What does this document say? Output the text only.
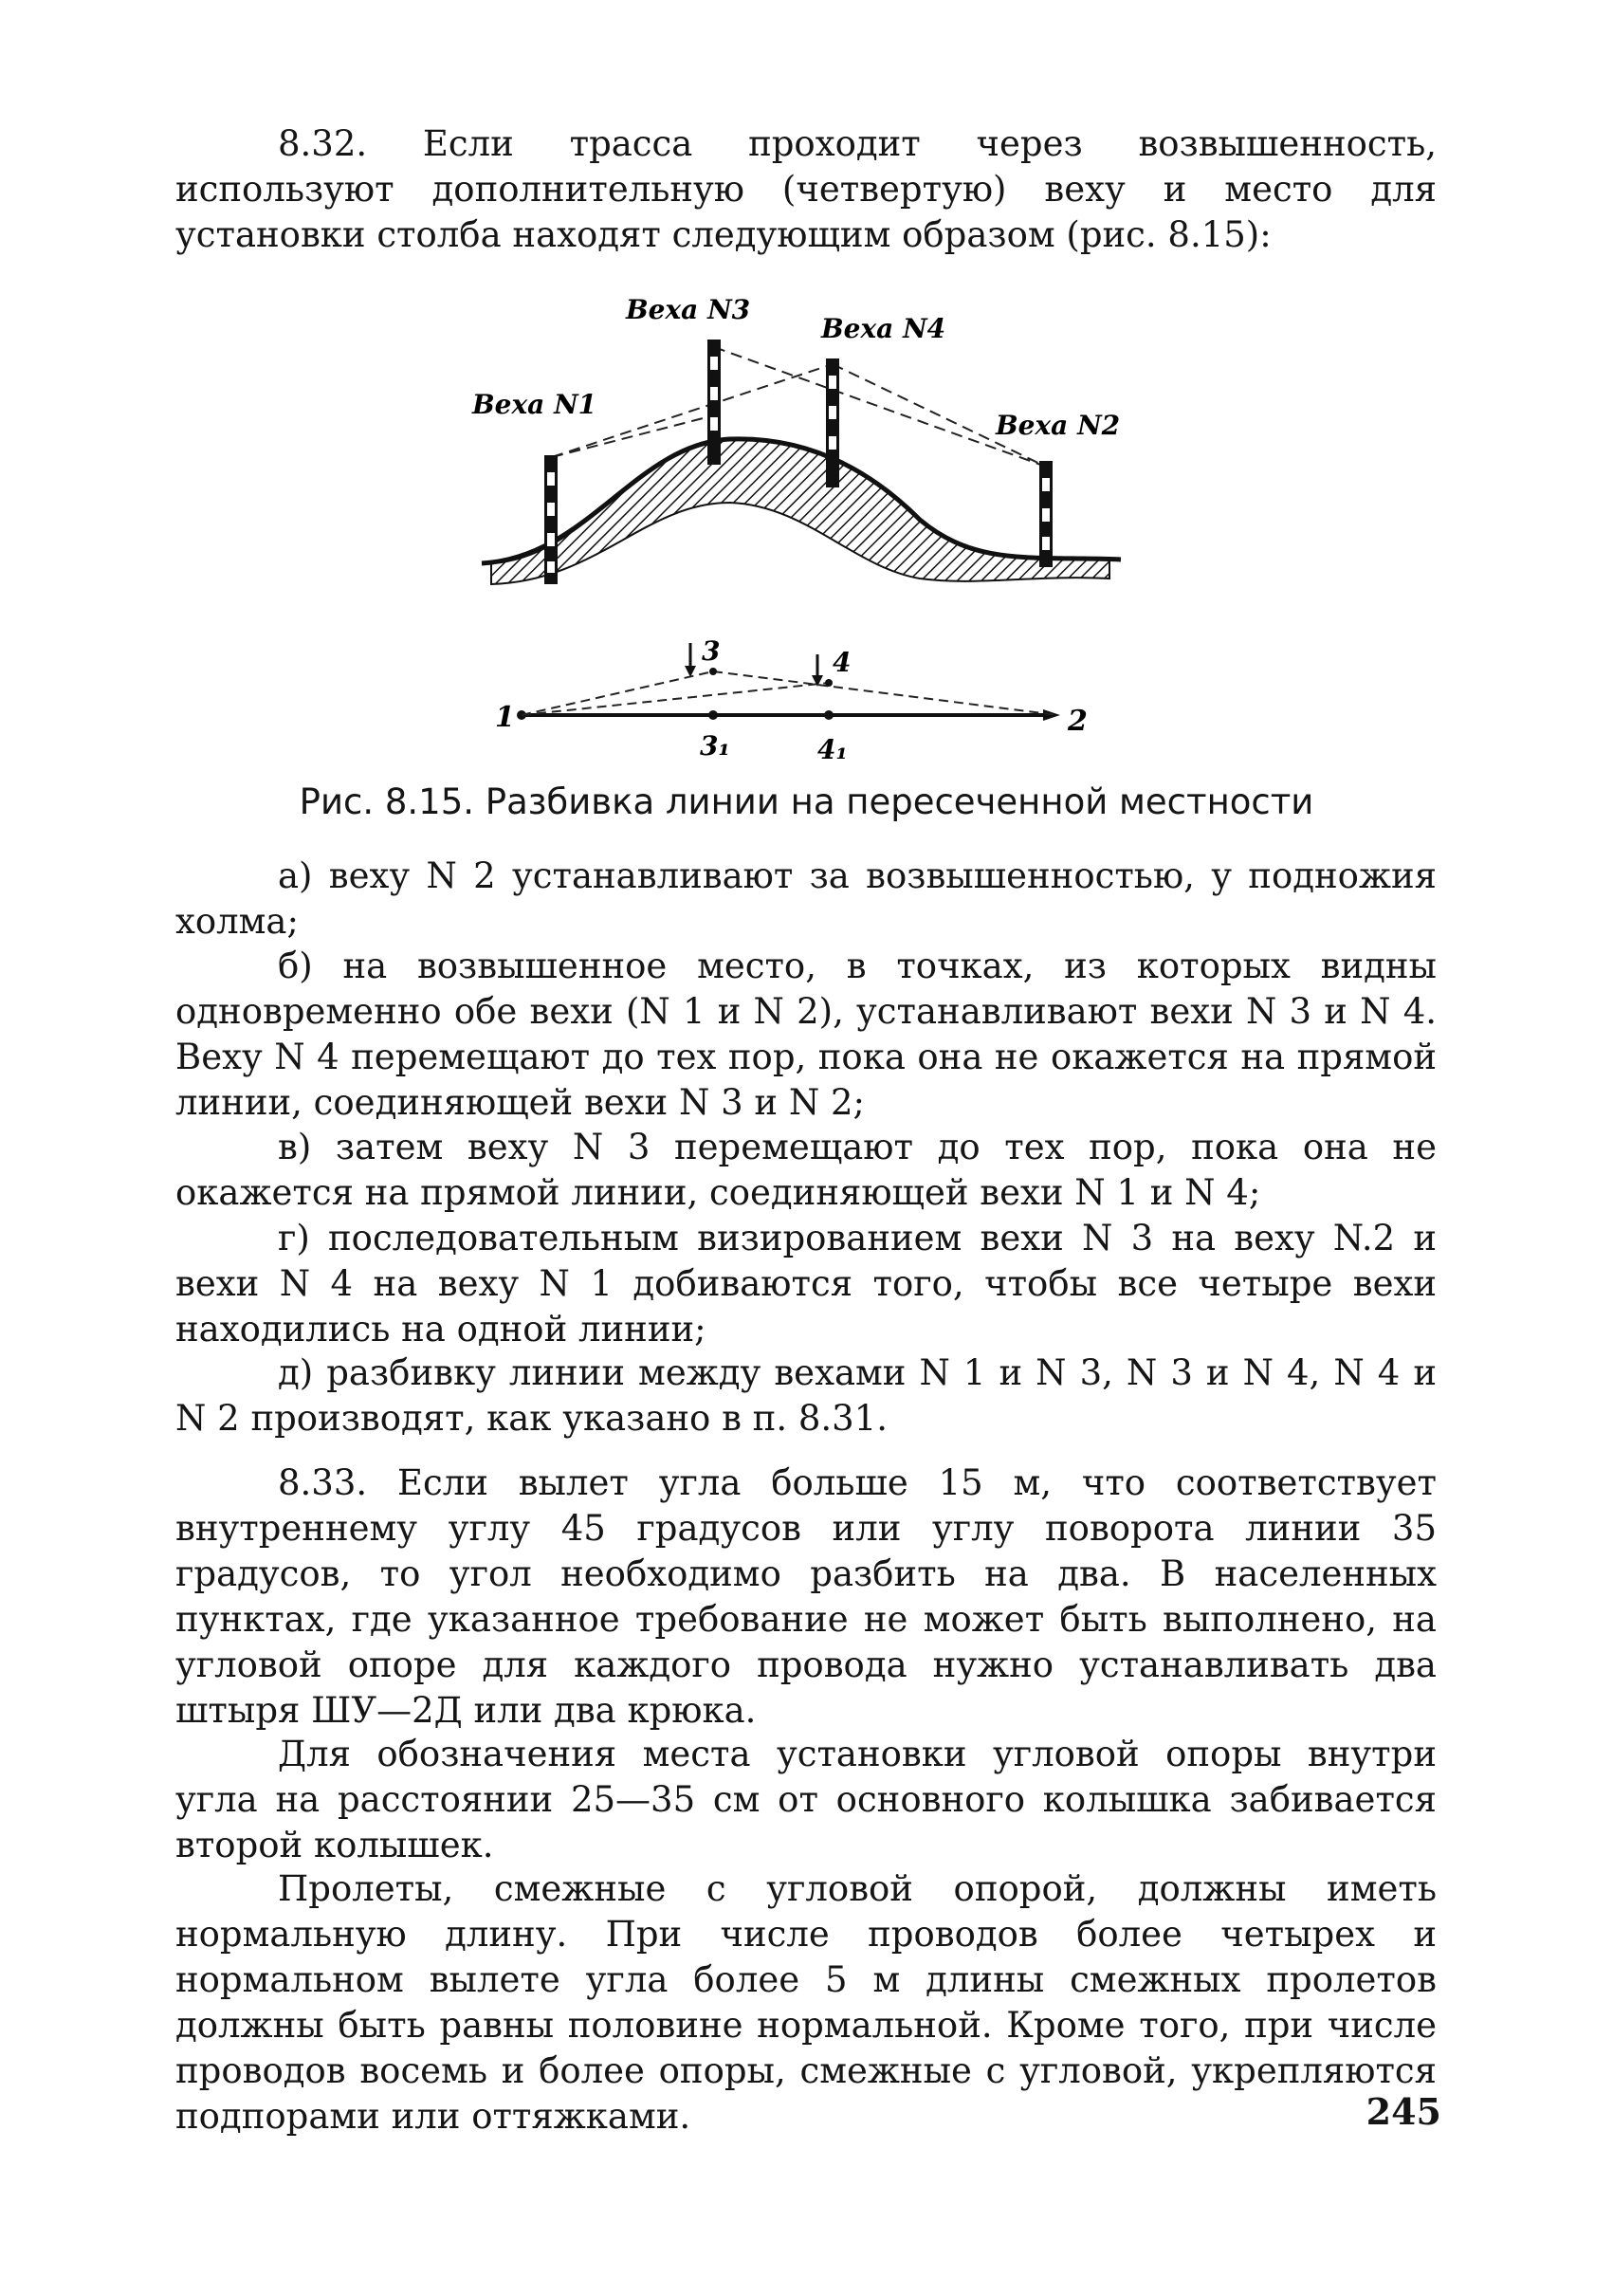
8.32. Если трасса проходит через возвышенность, используют дополнительную (четвертую) веху и место для установки столба находят следующим образом (рис. 8.15):

Веха N1
Веха N3
Веха N4
Веха N2
1	2
3	4
3₁	4₁

Рис. 8.15. Разбивка линии на пересеченной местности

а) веху N 2 устанавливают за возвышенностью, у подножия холма;

б) на возвышенное место, в точках, из которых видны одновременно обе вехи (N 1 и N 2), устанавливают вехи N 3 и N 4. Веху N 4 перемещают до тех пор, пока она не окажется на прямой линии, соединяющей вехи N 3 и N 2;

в) затем веху N 3 перемещают до тех пор, пока она не окажется на прямой линии, соединяющей вехи N 1 и N 4;

г) последовательным визированием вехи N 3 на веху N.2 и вехи N 4 на веху N 1 добиваются того, чтобы все четыре вехи находились на одной линии;

д) разбивку линии между вехами N 1 и N 3, N 3 и N 4, N 4 и N 2 производят, как указано в п. 8.31.

8.33. Если вылет угла больше 15 м, что соответствует внутреннему углу 45 градусов или углу поворота линии 35 градусов, то угол необходимо разбить на два. В населенных пунктах, где указанное требование не может быть выполнено, на угловой опоре для каждого провода нужно устанавливать два штыря ШУ—2Д или два крюка.

Для обозначения места установки угловой опоры внутри угла на расстоянии 25—35 см от основного колышка забивается второй колышек.

Пролеты, смежные с угловой опорой, должны иметь нормальную длину. При числе проводов более четырех и нормальном вылете угла более 5 м длины смежных пролетов должны быть равны половине нормальной. Кроме того, при числе проводов восемь и более опоры, смежные с угловой, укрепляются подпорами или оттяжками.	245
